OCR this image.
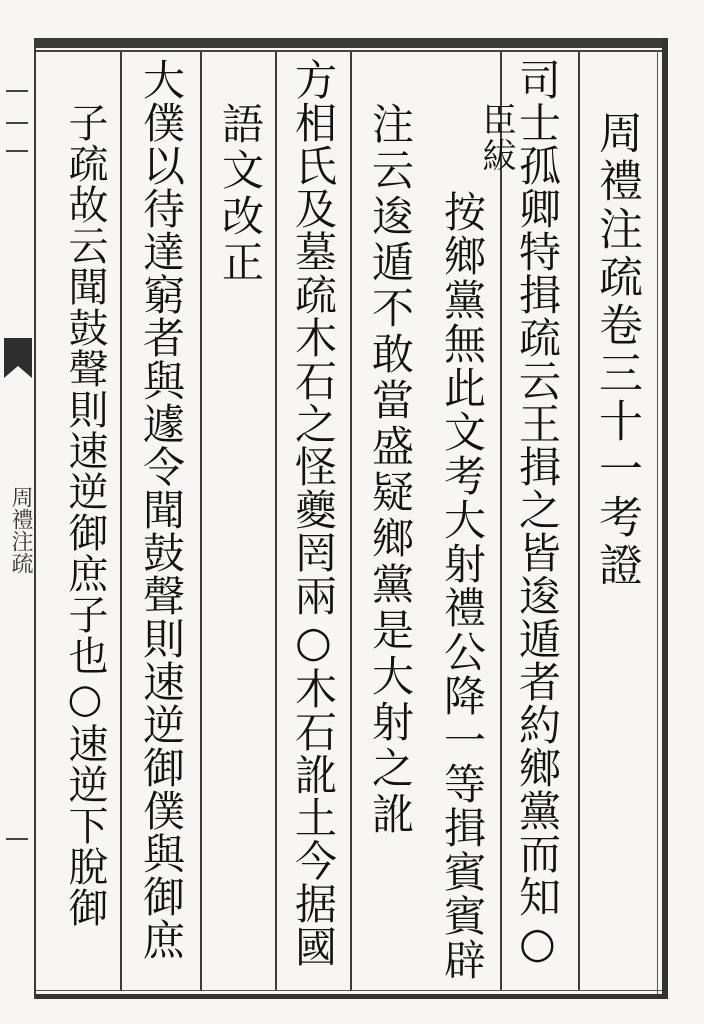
周禮注疏	周禮注疏卷三十一考證
司士孤卿特揖疏云王揖之皆逡遁者約鄉黨而知○
臣紱
按鄉黨無此文考大射禮公降一等揖賓賓辟
注云逡遁不敢當盛疑鄉黨是大射之訛
方相氏及墓疏木石之怪夔罔兩○木石訛土今据國
語文改正
大僕以待達窮者與遽令聞鼓聲則速逆御僕與御庶
子疏故云聞鼓聲則速逆御庶子也○速逆下脫御
